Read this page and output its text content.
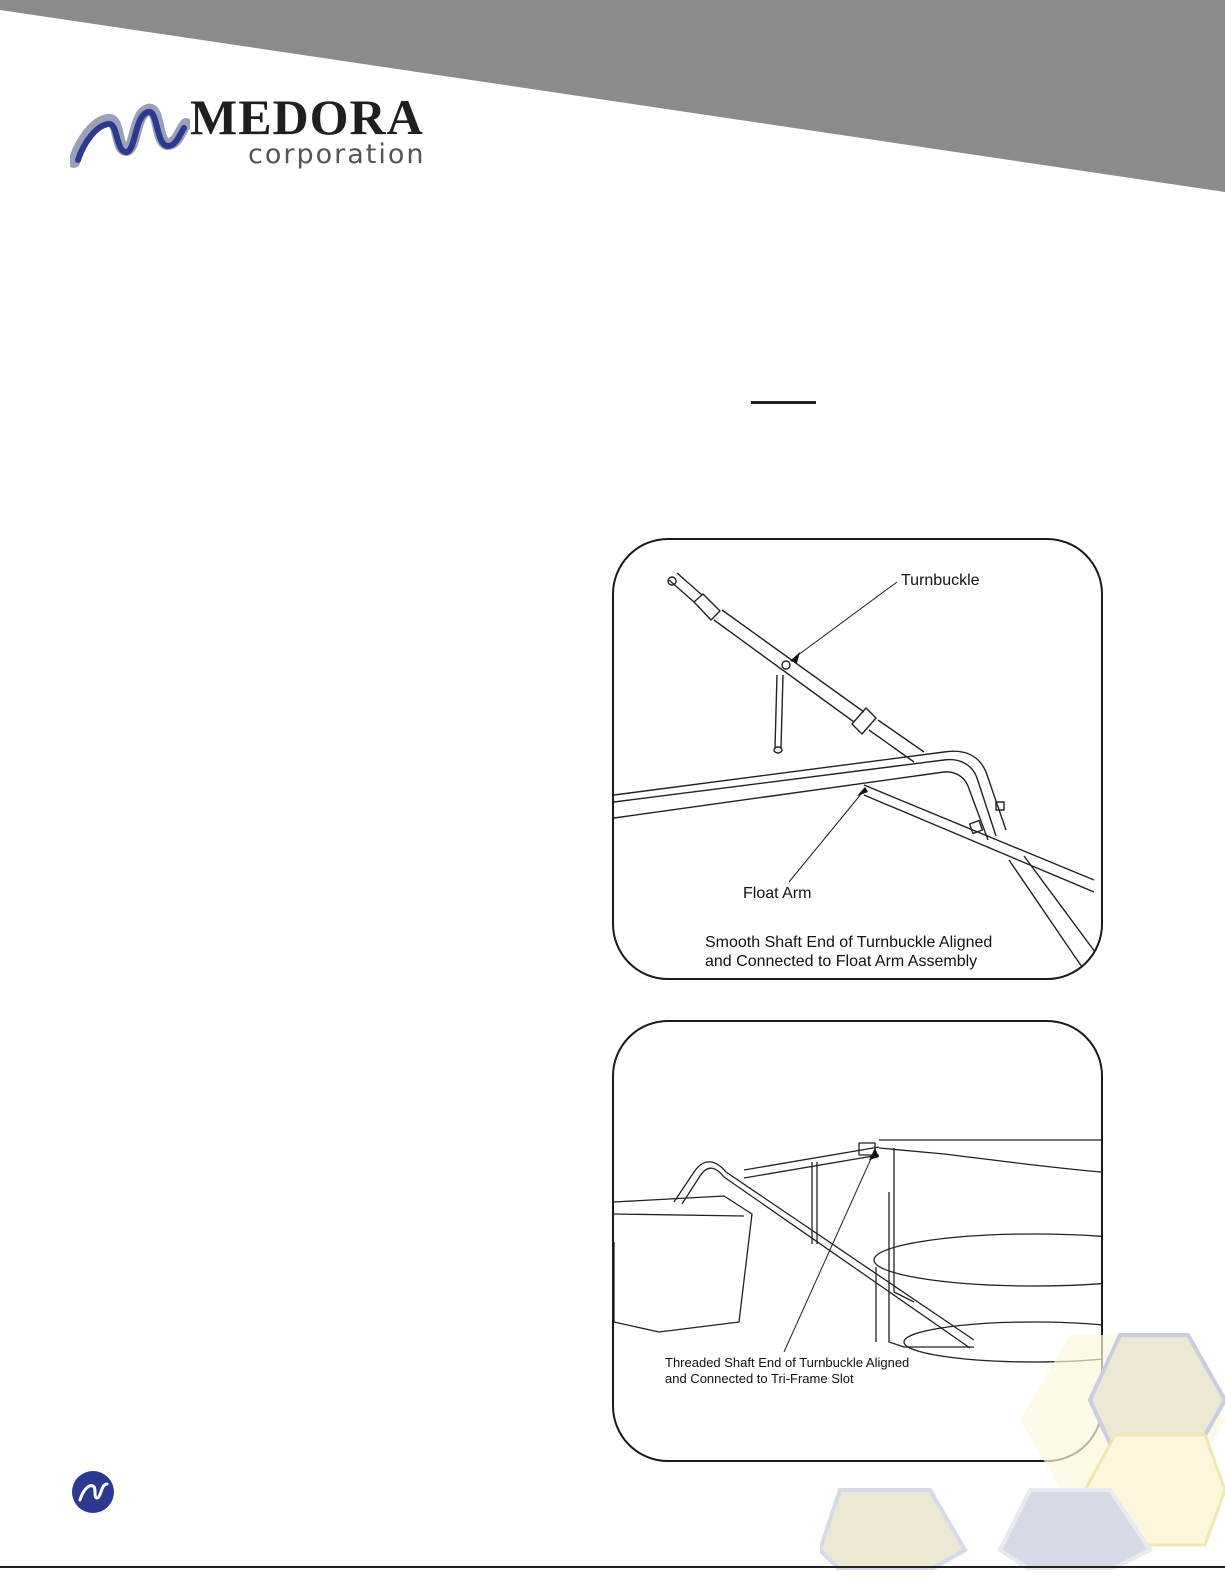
MEDORA
corporation
Turnbuckle
Float Arm
Smooth Shaft End of Turnbuckle Aligned
and Connected to Float Arm Assembly
Threaded Shaft End of Turnbuckle Aligned
and Connected to Tri-Frame Slot
